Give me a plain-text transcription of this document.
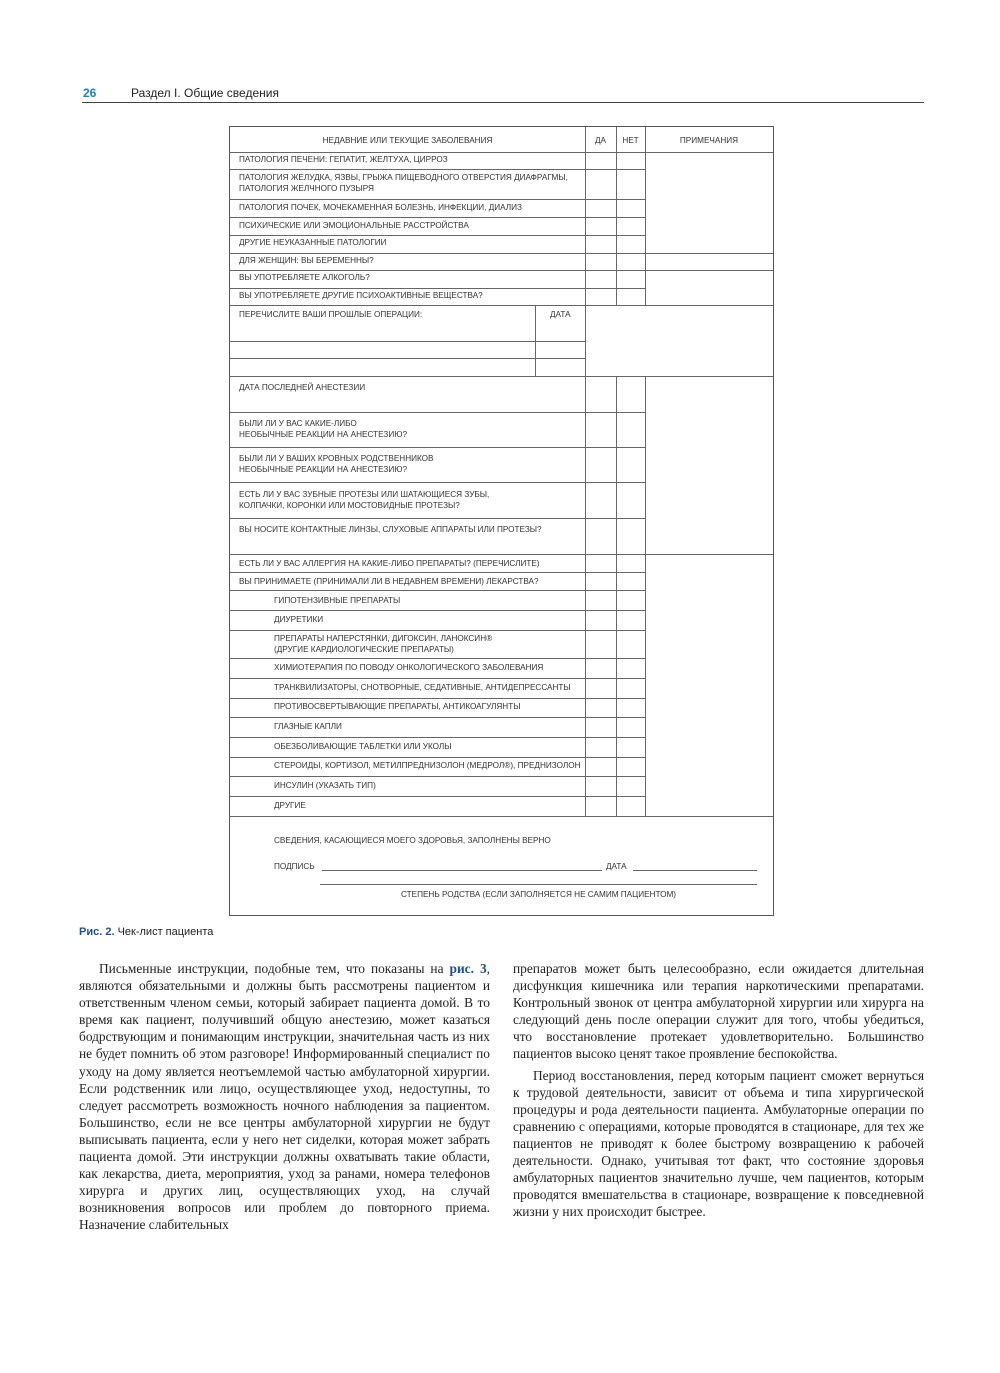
26	Раздел I. Общие сведения
НЕДАВНИЕ ИЛИ ТЕКУЩИЕ ЗАБОЛЕВАНИЯ	ДА	НЕТ	ПРИМЕЧАНИЯ
ПАТОЛОГИЯ ПЕЧЕНИ: ГЕПАТИТ, ЖЕЛТУХА, ЦИРРОЗ
ПАТОЛОГИЯ ЖЕЛУДКА, ЯЗВЫ, ГРЫЖА ПИЩЕВОДНОГО ОТВЕРСТИЯ ДИАФРАГМЫ,
ПАТОЛОГИЯ ЖЕЛЧНОГО ПУЗЫРЯ
ПАТОЛОГИЯ ПОЧЕК, МОЧЕКАМЕННАЯ БОЛЕЗНЬ, ИНФЕКЦИИ, ДИАЛИЗ
ПСИХИЧЕСКИЕ ИЛИ ЭМОЦИОНАЛЬНЫЕ РАССТРОЙСТВА
ДРУГИЕ НЕУКАЗАННЫЕ ПАТОЛОГИИ
ДЛЯ ЖЕНЩИН: ВЫ БЕРЕМЕННЫ?
ВЫ УПОТРЕБЛЯЕТЕ АЛКОГОЛЬ?
ВЫ УПОТРЕБЛЯЕТЕ ДРУГИЕ ПСИХОАКТИВНЫЕ ВЕЩЕСТВА?
ПЕРЕЧИСЛИТЕ ВАШИ ПРОШЛЫЕ ОПЕРАЦИИ:	ДАТА
ДАТА ПОСЛЕДНЕЙ АНЕСТЕЗИИ
БЫЛИ ЛИ У ВАС КАКИЕ-ЛИБО
НЕОБЫЧНЫЕ РЕАКЦИИ НА АНЕСТЕЗИЮ?
БЫЛИ ЛИ У ВАШИХ КРОВНЫХ РОДСТВЕННИКОВ
НЕОБЫЧНЫЕ РЕАКЦИИ НА АНЕСТЕЗИЮ?
ЕСТЬ ЛИ У ВАС ЗУБНЫЕ ПРОТЕЗЫ ИЛИ ШАТАЮЩИЕСЯ ЗУБЫ,
КОЛПАЧКИ, КОРОНКИ ИЛИ МОСТОВИДНЫЕ ПРОТЕЗЫ?
ВЫ НОСИТЕ КОНТАКТНЫЕ ЛИНЗЫ, СЛУХОВЫЕ АППАРАТЫ ИЛИ ПРОТЕЗЫ?
ЕСТЬ ЛИ У ВАС АЛЛЕРГИЯ НА КАКИЕ-ЛИБО ПРЕПАРАТЫ? (ПЕРЕЧИСЛИТЕ)
ВЫ ПРИНИМАЕТЕ (ПРИНИМАЛИ ЛИ В НЕДАВНЕМ ВРЕМЕНИ) ЛЕКАРСТВА?
ГИПОТЕНЗИВНЫЕ ПРЕПАРАТЫ
ДИУРЕТИКИ
ПРЕПАРАТЫ НАПЕРСТЯНКИ, ДИГОКСИН, ЛАНОКСИН®
(ДРУГИЕ КАРДИОЛОГИЧЕСКИЕ ПРЕПАРАТЫ)
ХИМИОТЕРАПИЯ ПО ПОВОДУ ОНКОЛОГИЧЕСКОГО ЗАБОЛЕВАНИЯ
ТРАНКВИЛИЗАТОРЫ, СНОТВОРНЫЕ, СЕДАТИВНЫЕ, АНТИДЕПРЕССАНТЫ
ПРОТИВОСВЕРТЫВАЮЩИЕ ПРЕПАРАТЫ, АНТИКОАГУЛЯНТЫ
ГЛАЗНЫЕ КАПЛИ
ОБЕЗБОЛИВАЮЩИЕ ТАБЛЕТКИ ИЛИ УКОЛЫ
СТЕРОИДЫ, КОРТИЗОЛ, МЕТИЛПРЕДНИЗОЛОН (МЕДРОЛ®), ПРЕДНИЗОЛОН
ИНСУЛИН (УКАЗАТЬ ТИП)
ДРУГИЕ
СВЕДЕНИЯ, КАСАЮЩИЕСЯ МОЕГО ЗДОРОВЬЯ, ЗАПОЛНЕНЫ ВЕРНО
ПОДПИСЬ	ДАТА
СТЕПЕНЬ РОДСТВА (ЕСЛИ ЗАПОЛНЯЕТСЯ НЕ САМИМ ПАЦИЕНТОМ)
Рис. 2. Чек-лист пациента

Письменные инструкции, подобные тем, что показаны на рис. 3, являются обязательными и должны быть рассмотрены пациентом и ответственным членом семьи, который забирает пациента домой. В то время как пациент, получивший общую анестезию, может казаться бодрствующим и понимающим инструкции, значительная часть из них не будет помнить об этом разговоре! Информированный специалист по уходу на дому является неотъемлемой частью амбулаторной хирургии. Если родственник или лицо, осуществляющее уход, недоступны, то следует рассмотреть возможность ночного наблюдения за пациентом. Большинство, если не все центры амбулаторной хирургии не будут выписывать пациента, если у него нет сиделки, которая может забрать пациента домой. Эти инструкции должны охватывать такие области, как лекарства, диета, мероприятия, уход за ранами, номера телефонов хирурга и других лиц, осуществляющих уход, на случай возникновения вопросов или проблем до повторного приема. Назначение слабительных

препаратов может быть целесообразно, если ожидается длительная дисфункция кишечника или терапия наркотическими препаратами. Контрольный звонок от центра амбулаторной хирургии или хирурга на следующий день после операции служит для того, чтобы убедиться, что восстановление протекает удовлетворительно. Большинство пациентов высоко ценят такое проявление беспокойства.

Период восстановления, перед которым пациент сможет вернуться к трудовой деятельности, зависит от объема и типа хирургической процедуры и рода деятельности пациента. Амбулаторные операции по сравнению с операциями, которые проводятся в стационаре, для тех же пациентов не приводят к более быстрому возвращению к рабочей деятельности. Однако, учитывая тот факт, что состояние здоровья амбулаторных пациентов значительно лучше, чем пациентов, которым проводятся вмешательства в стационаре, возвращение к повседневной жизни у них происходит быстрее.
